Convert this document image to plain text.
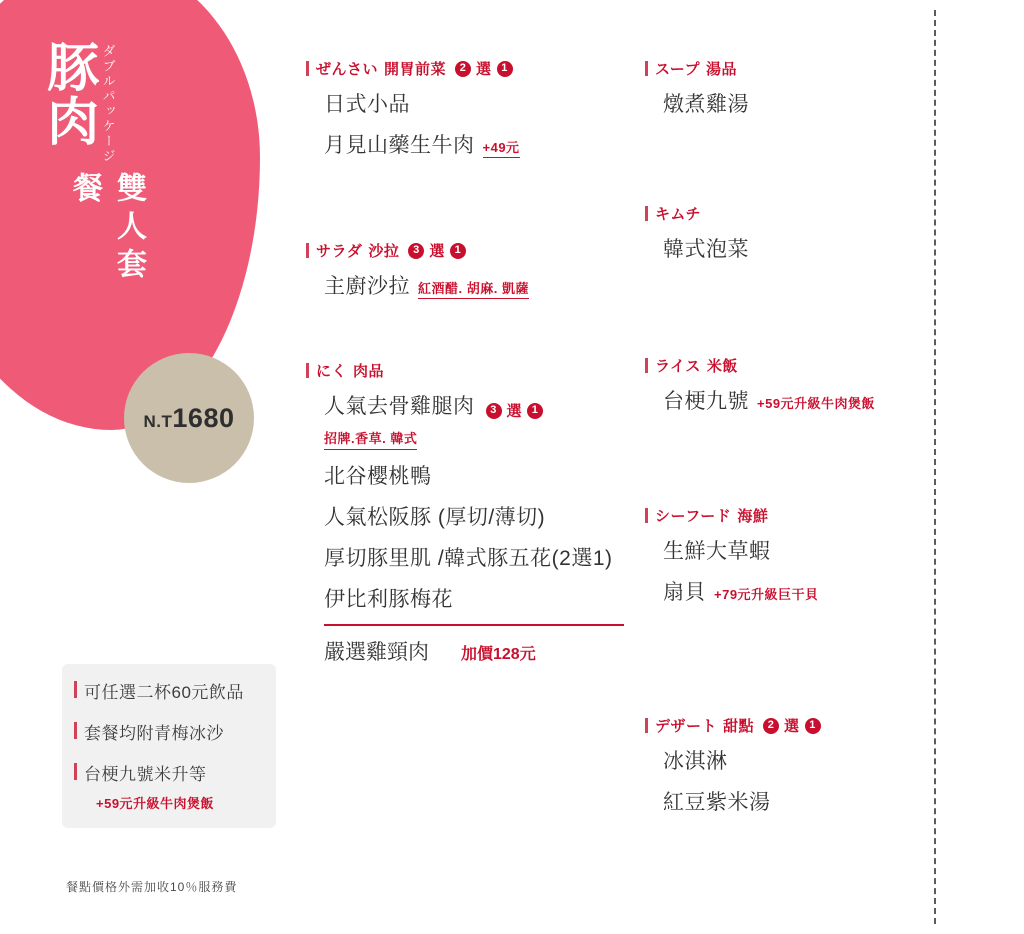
豚肉 ダブルパッケージ
雙人套餐
N.T1680
可任選二杯60元飲品
套餐均附青梅冰沙
台梗九號米升等
+59元升級牛肉煲飯
餐點價格外需加收10％服務費
ぜんさい 開胃前菜	2 選 1
日式小品
月見山藥生牛肉 +49元
サラダ 沙拉	3 選 1
主廚沙拉 紅酒醋. 胡麻. 凱薩
にく 肉品
人氣去骨雞腿肉	3 選 1
招牌.香草. 韓式
北谷櫻桃鴨
人氣松阪豚 (厚切/薄切)
厚切豚里肌 /韓式豚五花(2選1)
伊比利豚梅花
嚴選雞頸肉 加價128元
スープ 湯品
燉煮雞湯
キムチ
韓式泡菜
ライス 米飯
台梗九號 +59元升級牛肉煲飯
シーフード 海鮮
生鮮大草蝦
扇貝 +79元升級巨干貝
デザート 甜點	2 選 1
冰淇淋
紅豆紫米湯
